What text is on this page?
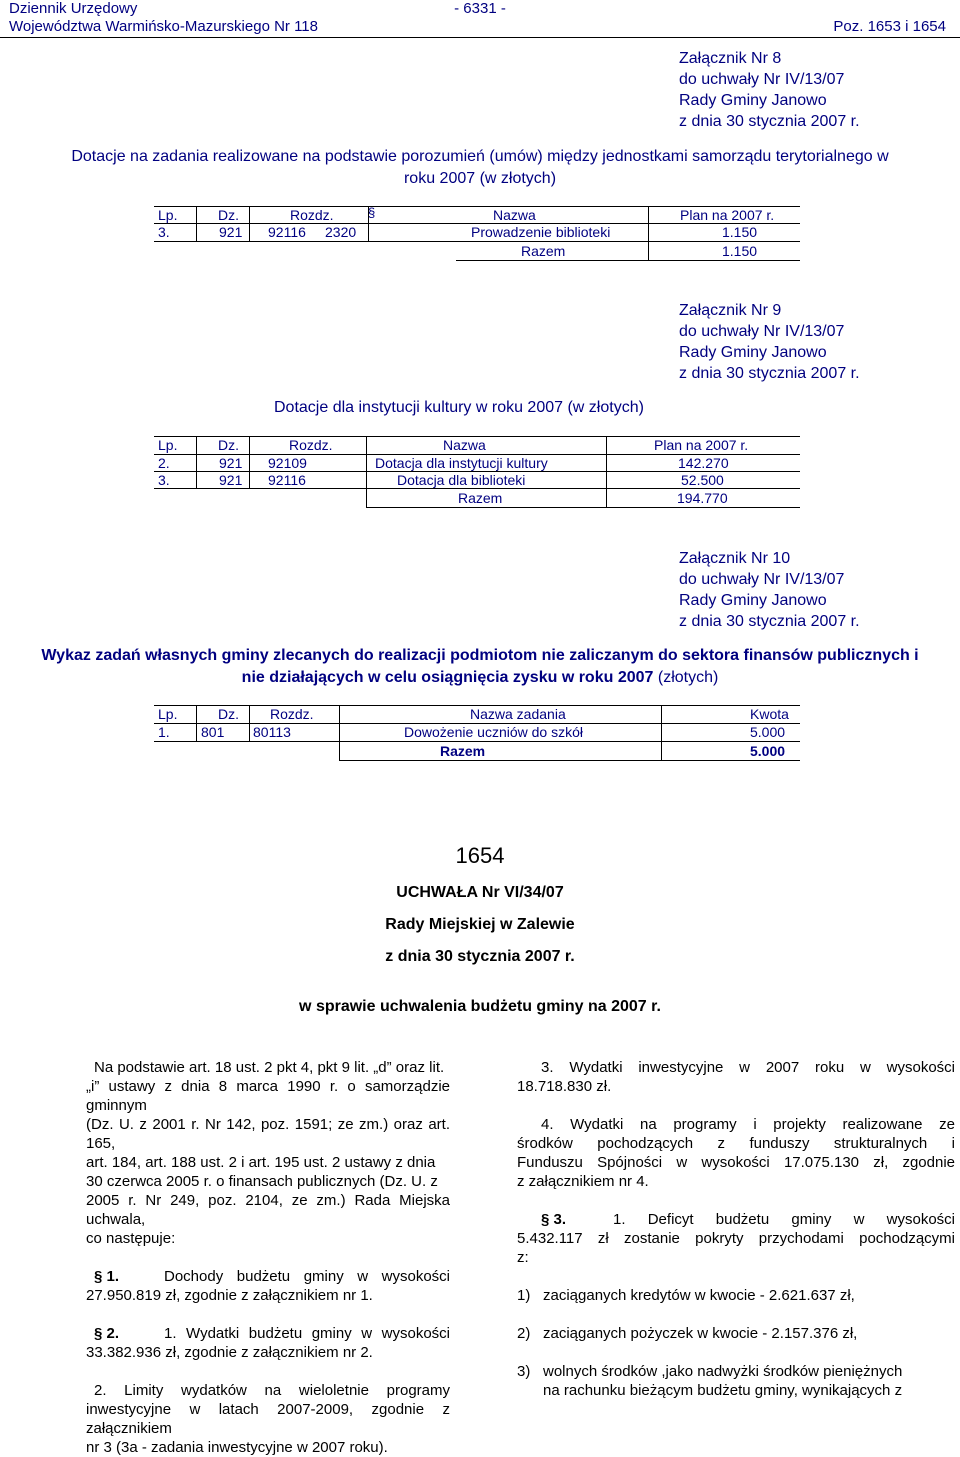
- 6331 -
Dziennik Urzędowy
Województwa Warmińsko-Mazurskiego Nr 118	Poz. 1653 i 1654
Załącznik Nr 8
do uchwały Nr IV/13/07
Rady Gminy Janowo
z dnia 30 stycznia 2007 r.
Dotacje na zadania realizowane na podstawie porozumień (umów) między jednostkami samorządu terytorialnego w
roku 2007 (w złotych)
Lp.	Dz.	Rozdz.	Nazwa	Plan na 2007 r.
3.	921 92116 2320	Prowadzenie biblioteki	1.150
Razem	1.150
§
Załącznik Nr 9
do uchwały Nr IV/13/07
Rady Gminy Janowo
z dnia 30 stycznia 2007 r.
Dotacje dla instytucji kultury w roku 2007 (w złotych)
Lp.	Dz.	Rozdz.	Nazwa	Plan na 2007 r.
2.	921 92109	Dotacja dla instytucji kultury	142.270
3.	921 92116	Dotacja dla biblioteki	52.500
Razem	194.770
Załącznik Nr 10
do uchwały Nr IV/13/07
Rady Gminy Janowo
z dnia 30 stycznia 2007 r.
Wykaz zadań własnych gminy zlecanych do realizacji podmiotom nie zaliczanym do sektora finansów publicznych i
nie działających w celu osiągnięcia zysku w roku 2007 (złotych)
Lp.	Dz. Rozdz.	Nazwa zadania	Kwota
1. 801 80113	Dowożenie uczniów do szkół	5.000
Razem	5.000
1654
UCHWAŁA Nr VI/34/07
Rady Miejskiej w Zalewie
z dnia 30 stycznia 2007 r.
w sprawie uchwalenia budżetu gminy na 2007 r.
Na podstawie art. 18 ust. 2 pkt 4, pkt 9 lit. „d” oraz lit.
„i” ustawy z dnia 8 marca 1990 r. o samorządzie gminnym
(Dz. U. z 2001 r. Nr 142, poz. 1591; ze zm.) oraz art. 165,
art. 184, art. 188 ust. 2 i art. 195 ust. 2 ustawy z dnia
30 czerwca 2005 r. o finansach publicznych (Dz. U. z
2005 r. Nr 249, poz. 2104, ze zm.) Rada Miejska uchwala,
co następuje:
§ 1.	Dochody budżetu gminy w wysokości
27.950.819 zł, zgodnie z załącznikiem nr 1.
§ 2.	1. Wydatki budżetu gminy w wysokości
33.382.936 zł, zgodnie z załącznikiem nr 2.
2. Limity wydatków na wieloletnie programy
inwestycyjne w latach 2007-2009, zgodnie z załącznikiem
nr 3 (3a - zadania inwestycyjne w 2007 roku).
3. Wydatki inwestycyjne w 2007 roku w wysokości
18.718.830 zł.
4. Wydatki na programy i projekty realizowane ze
środków pochodzących z funduszy strukturalnych i
Funduszu Spójności w wysokości 17.075.130 zł, zgodnie
z załącznikiem nr 4.
§ 3.	1. Deficyt budżetu gminy w wysokości
5.432.117 zł zostanie pokryty przychodami pochodzącymi
z:
1) zaciąganych kredytów w kwocie - 2.621.637 zł,
2) zaciąganych pożyczek w kwocie - 2.157.376 zł,
3) wolnych środków ,jako nadwyżki środków pieniężnych
na rachunku bieżącym budżetu gminy, wynikających z
